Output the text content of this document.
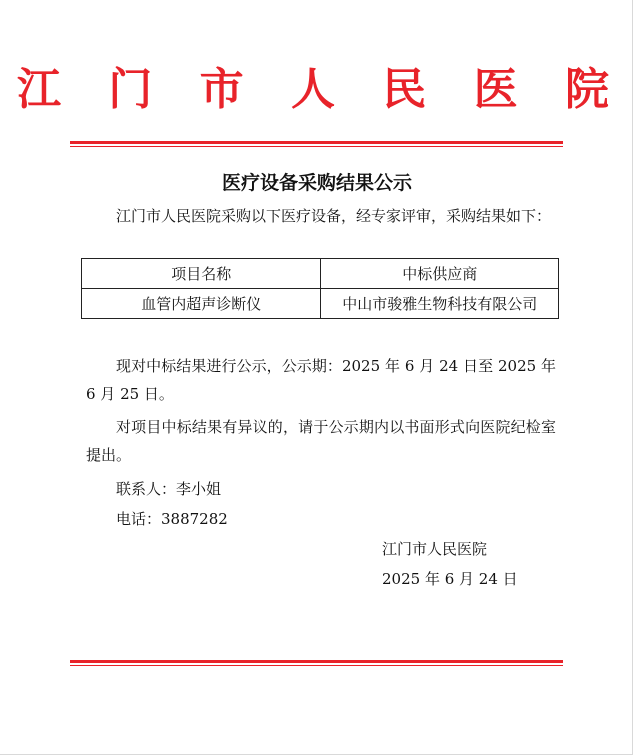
江 门 市 人 民 医 院
医疗设备采购结果公示

江门市人民医院采购以下医疗设备，经专家评审，采购结果如下：

项目名称	中标供应商
血管内超声诊断仪	中山市骏雅生物科技有限公司

现对中标结果进行公示，公示期：2025 年 6 月 24 日至 2025 年 6 月 25 日。

对项目中标结果有异议的，请于公示期内以书面形式向医院纪检室提出。

联系人：李小姐
电话：3887282
江门市人民医院
2025 年 6 月 24 日
